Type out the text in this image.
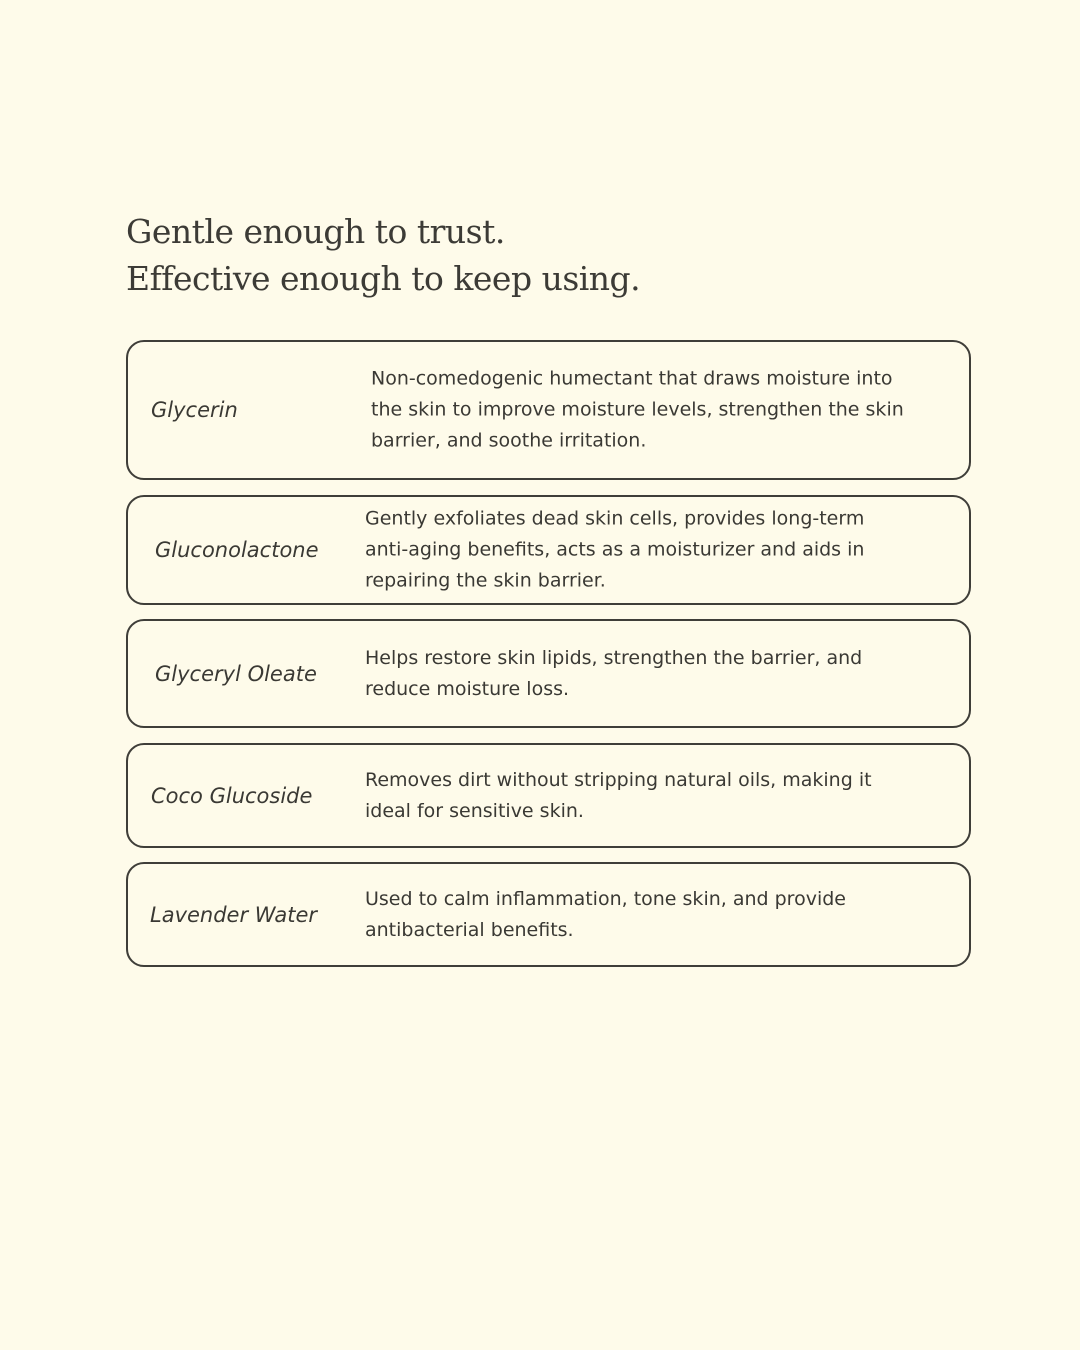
Gentle enough to trust.
Effective enough to keep using.
Glycerin
Non-comedogenic humectant that draws moisture into
the skin to improve moisture levels, strengthen the skin
barrier, and soothe irritation.
Gluconolactone
Gently exfoliates dead skin cells, provides long-term
anti-aging benefits, acts as a moisturizer and aids in
repairing the skin barrier.
Glyceryl Oleate
Helps restore skin lipids, strengthen the barrier, and
reduce moisture loss.
Coco Glucoside
Removes dirt without stripping natural oils, making it
ideal for sensitive skin.
Lavender Water
Used to calm inflammation, tone skin, and provide
antibacterial benefits.
